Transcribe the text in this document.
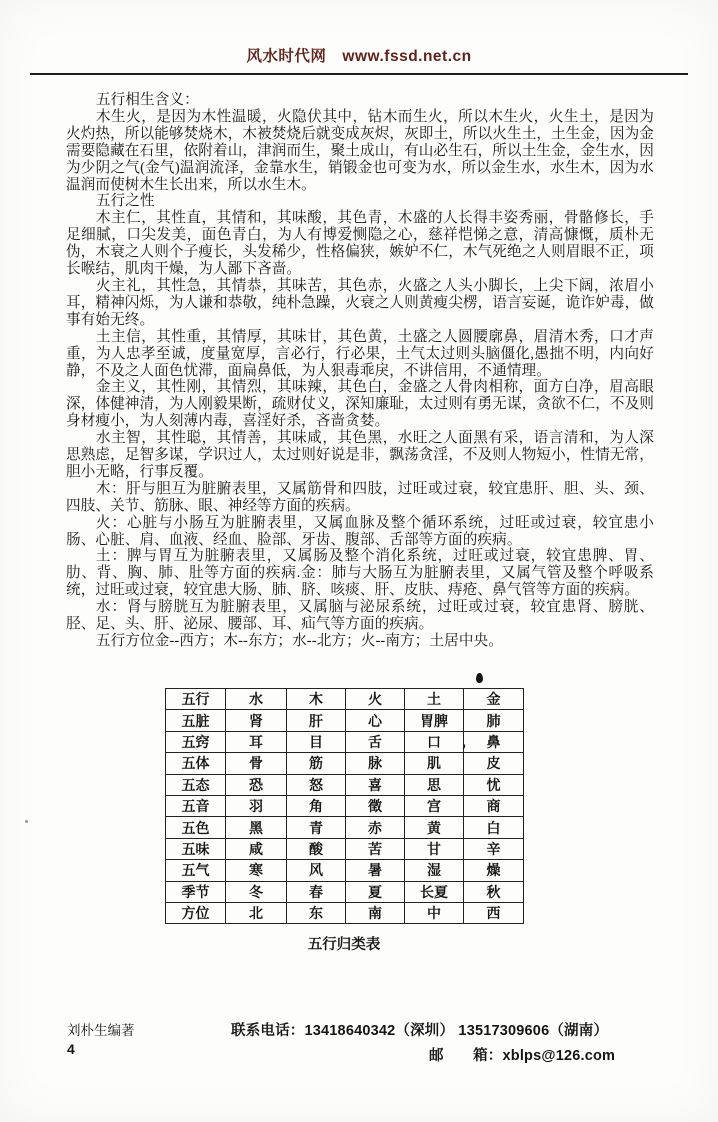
风水时代网 www.fssd.net.cn

五行相生含义：

木生火，是因为木性温暖，火隐伏其中，钻木而生火，所以木生火，火生土，是因为火灼热，所以能够焚烧木，木被焚烧后就变成灰烬，灰即土，所以火生土，土生金，因为金需要隐藏在石里，依附着山，津润而生，聚土成山，有山必生石，所以土生金，金生水，因为少阴之气(金气)温润流泽，金靠水生，销锻金也可变为水，所以金生水，水生木，因为水温润而使树木生长出来，所以水生木。

五行之性

木主仁，其性直，其情和，其味酸，其色青，木盛的人长得丰姿秀丽，骨骼修长，手足细腻，口尖发美，面色青白，为人有博爱恻隐之心，慈祥恺悌之意，清高慷慨，质朴无伪，木衰之人则个子瘦长，头发稀少，性格偏狭，嫉妒不仁，木气死绝之人则眉眼不正，项长喉结，肌肉干燥，为人鄙下吝啬。

火主礼，其性急，其情恭，其味苦，其色赤，火盛之人头小脚长，上尖下阔，浓眉小耳，精神闪烁，为人谦和恭敬，纯朴急躁，火衰之人则黄瘦尖楞，语言妄诞，诡诈妒毒，做事有始无终。

土主信，其性重，其情厚，其味甘，其色黄，土盛之人圆腰廓鼻，眉清木秀，口才声重，为人忠孝至诚，度量宽厚，言必行，行必果，土气太过则头脑僵化,愚拙不明，内向好静，不及之人面色忧滞，面扁鼻低，为人狠毒乖戾，不讲信用，不通情理。

金主义，其性刚，其情烈，其味辣，其色白，金盛之人骨肉相称，面方白净，眉高眼深，体健神清，为人刚毅果断，疏财仗义，深知廉耻，太过则有勇无谋，贪欲不仁，不及则身材瘦小，为人刻薄内毒，喜淫好杀，吝啬贪婪。

水主智，其性聪，其情善，其味咸，其色黑，水旺之人面黑有采，语言清和，为人深思熟虑，足智多谋，学识过人，太过则好说是非，飘荡贪淫，不及则人物短小，性情无常，胆小无略，行事反覆。

木：肝与胆互为脏腑表里，又属筋骨和四肢，过旺或过衰，较宜患肝、胆、头、颈、四肢、关节、筋脉、眼、神经等方面的疾病。

火：心脏与小肠互为脏腑表里，又属血脉及整个循环系统，过旺或过衰，较宜患小肠、心脏、肩、血液、经血、脸部、牙齿、腹部、舌部等方面的疾病。

土：脾与胃互为脏腑表里，又属肠及整个消化系统，过旺或过衰，较宜患脾、胃、肋、背、胸、肺、肚等方面的疾病.金：肺与大肠互为脏腑表里，又属气管及整个呼吸系统，过旺或过衰，较宜患大肠、肺、脐、咳痰、肝、皮肤、痔疮、鼻气管等方面的疾病。

水：肾与膀胱互为脏腑表里，又属脑与泌尿系统，过旺或过衰，较宜患肾、膀胱、胫、足、头、肝、泌尿、腰部、耳、疝气等方面的疾病。

五行方位金--西方；木--东方；水--北方；火--南方；土居中央。

五行	水	木	火	土	金
五脏	肾	肝	心	胃脾	肺
五窍	耳	目	舌	口	鼻
五体	骨	筋	脉	肌	皮
五态	恐	怒	喜	思	忧
五音	羽	角	徵	宫	商
五色	黑	青	赤	黄	白
五味	咸	酸	苦	甘	辛
五气	寒	风	暑	湿	燥
季节	冬	春	夏	长夏	秋
方位	北	东	南	中	西
五行归类表
刘朴生编著
4
联系电话：13418640342（深圳） 13517309606（湖南）
邮　　箱：xblps@126.com
，
